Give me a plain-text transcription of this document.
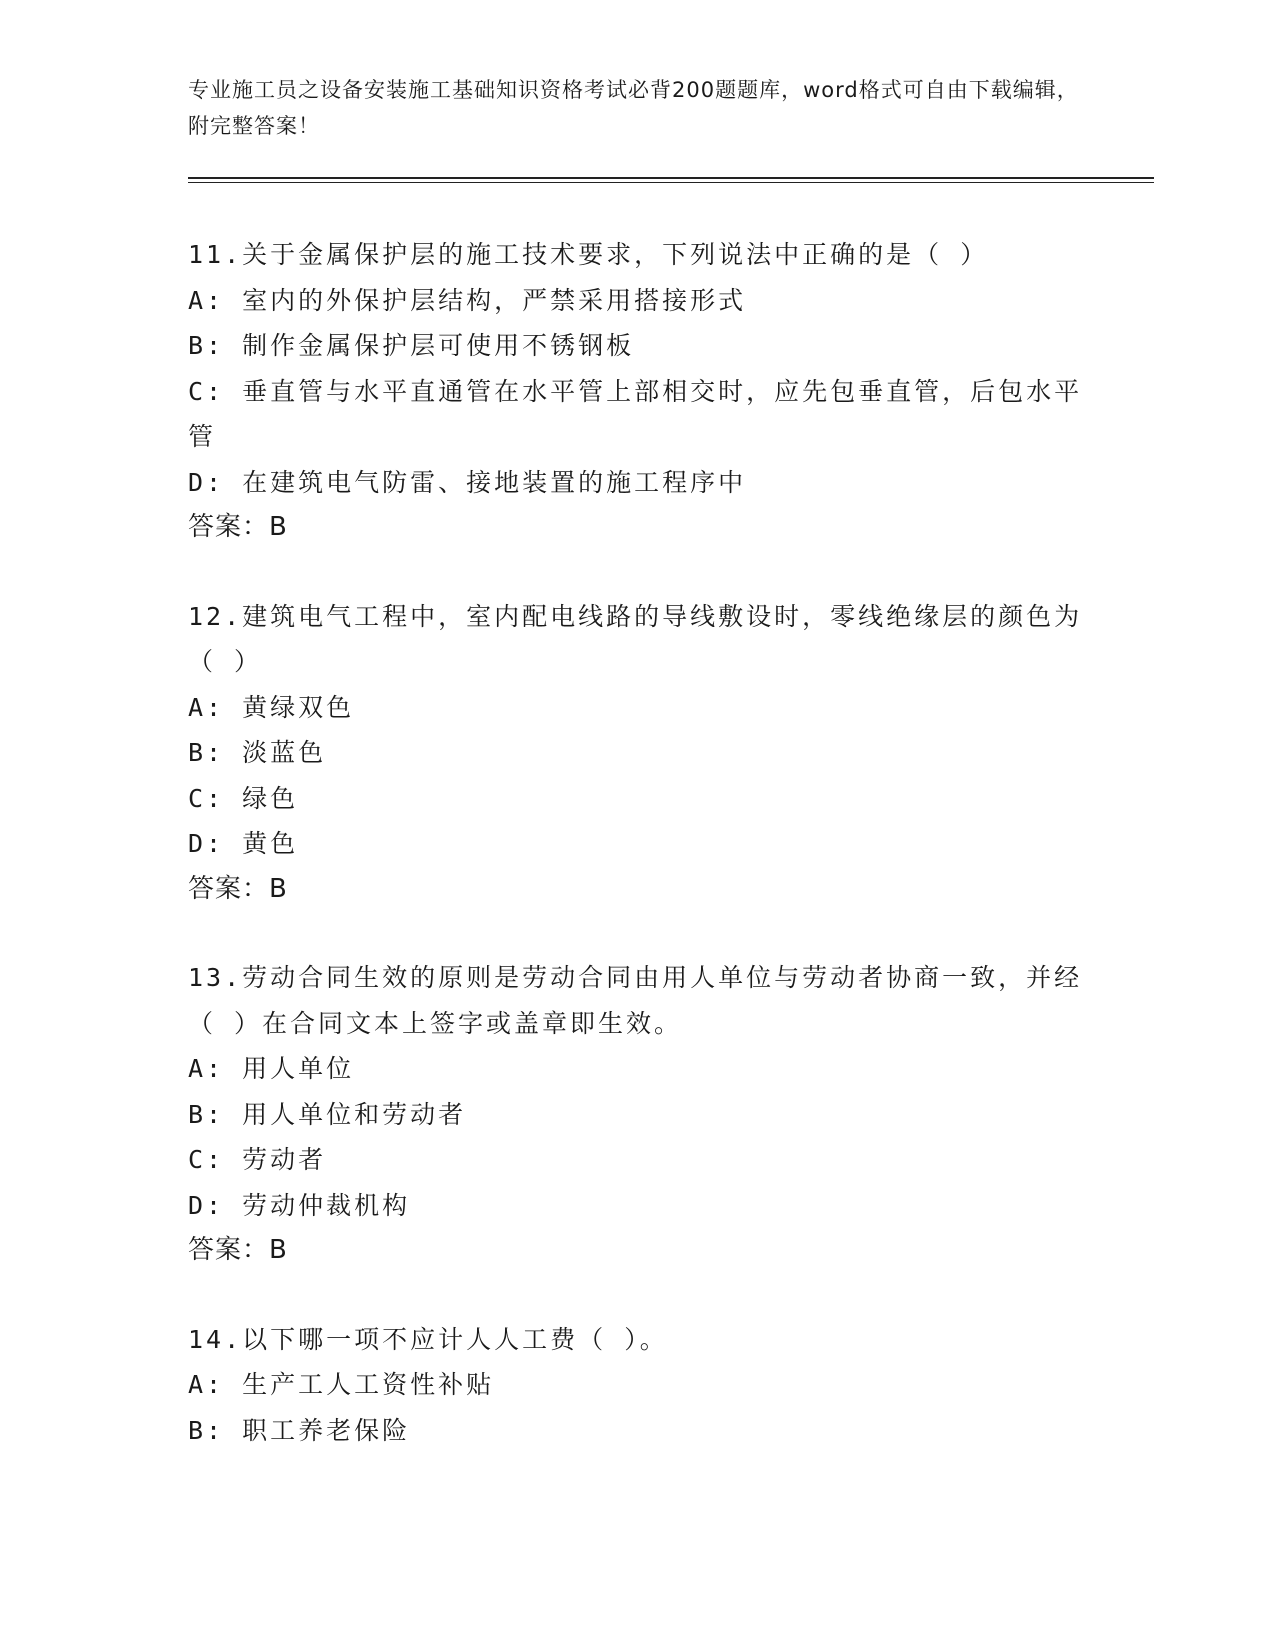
专业施工员之设备安装施工基础知识资格考试必背200题题库，word格式可自由下载编辑，附完整答案！

11.关于金属保护层的施工技术要求，下列说法中正确的是（ ）

A: 室内的外保护层结构，严禁采用搭接形式

B: 制作金属保护层可使用不锈钢板

C: 垂直管与水平直通管在水平管上部相交时，应先包垂直管，后包水平管

D: 在建筑电气防雷、接地装置的施工程序中

答案：B

12.建筑电气工程中，室内配电线路的导线敷设时，零线绝缘层的颜色为（ ）

A: 黄绿双色

B: 淡蓝色

C: 绿色

D: 黄色

答案：B

13.劳动合同生效的原则是劳动合同由用人单位与劳动者协商一致，并经（ ）在合同文本上签字或盖章即生效。

A: 用人单位

B: 用人单位和劳动者

C: 劳动者

D: 劳动仲裁机构

答案：B

14.以下哪一项不应计人人工费（ ）。

A: 生产工人工资性补贴

B: 职工养老保险
